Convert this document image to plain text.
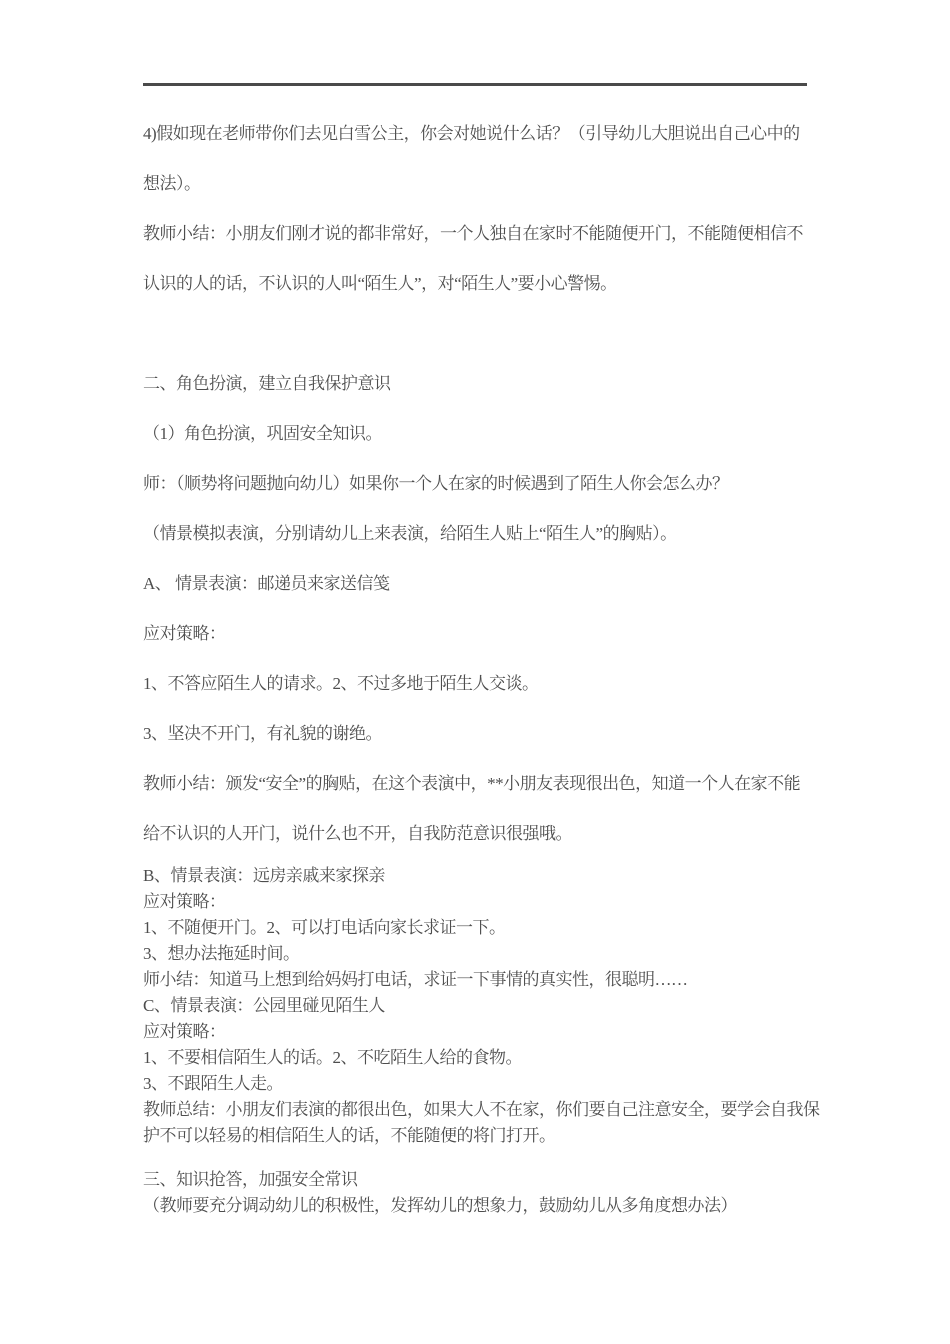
4)假如现在老师带你们去见白雪公主，你会对她说什么话？（引导幼儿大胆说出自己心中的
想法）。
教师小结：小朋友们刚才说的都非常好，一个人独自在家时不能随便开门，不能随便相信不
认识的人的话，不认识的人叫“陌生人”，对“陌生人”要小心警惕。
二、角色扮演，建立自我保护意识
（1）角色扮演，巩固安全知识。
师：（顺势将问题抛向幼儿）如果你一个人在家的时候遇到了陌生人你会怎么办？
（情景模拟表演，分别请幼儿上来表演，给陌生人贴上“陌生人”的胸贴）。
A、 情景表演：邮递员来家送信笺
应对策略：
1、不答应陌生人的请求。2、不过多地于陌生人交谈。
3、坚决不开门，有礼貌的谢绝。
教师小结：颁发“安全”的胸贴，在这个表演中，**小朋友表现很出色，知道一个人在家不能
给不认识的人开门，说什么也不开，自我防范意识很强哦。
B、情景表演：远房亲戚来家探亲
应对策略：
1、不随便开门。2、可以打电话向家长求证一下。
3、想办法拖延时间。
师小结：知道马上想到给妈妈打电话，求证一下事情的真实性，很聪明……
C、情景表演：公园里碰见陌生人
应对策略：
1、不要相信陌生人的话。2、不吃陌生人给的食物。
3、不跟陌生人走。
教师总结：小朋友们表演的都很出色，如果大人不在家，你们要自己注意安全，要学会自我保
护不可以轻易的相信陌生人的话，不能随便的将门打开。
三、知识抢答，加强安全常识
（教师要充分调动幼儿的积极性，发挥幼儿的想象力，鼓励幼儿从多角度想办法）
